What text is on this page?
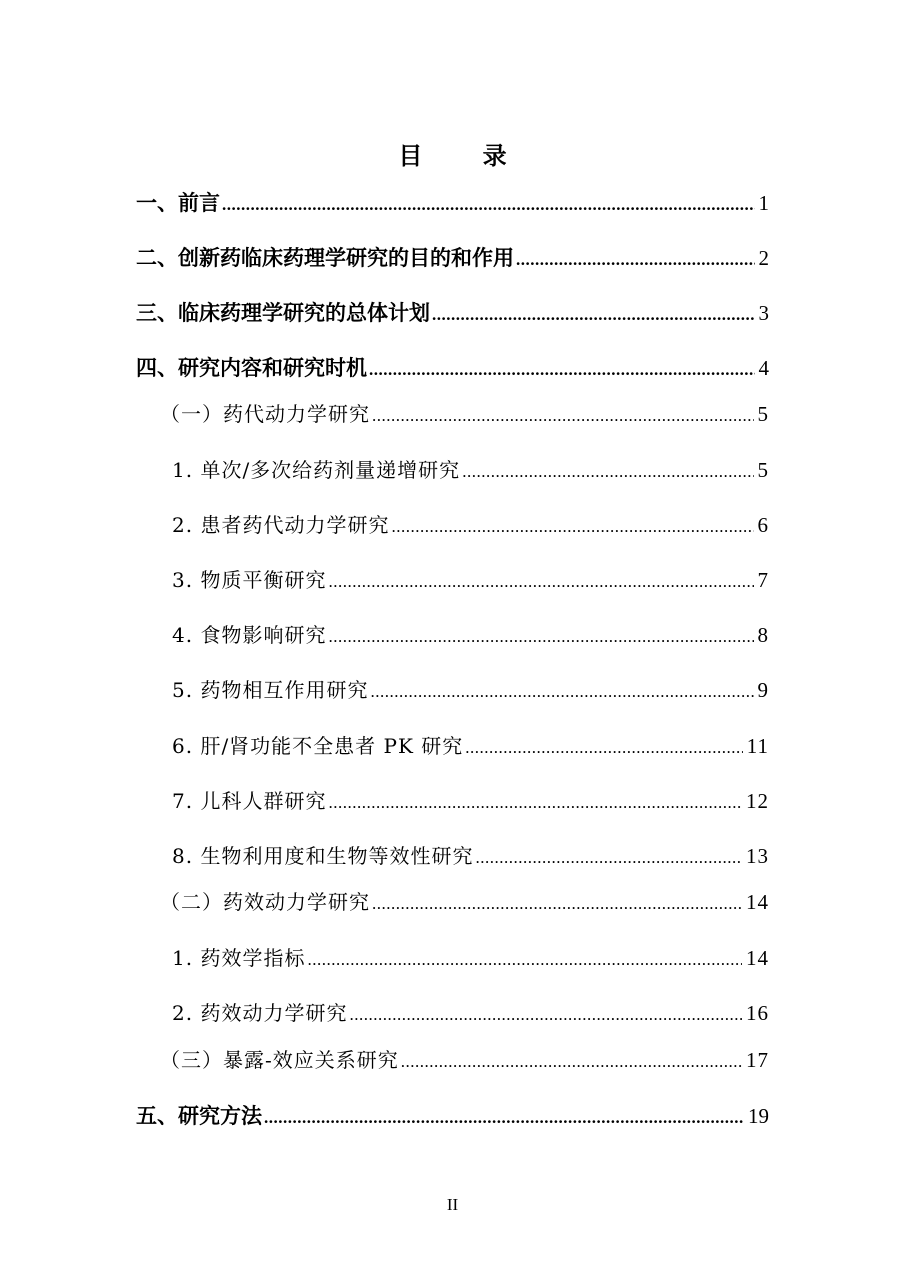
目 录
一、前言 .....	1
二、创新药临床药理学研究的目的和作用 .....	2
三、临床药理学研究的总体计划 .....	3
四、研究内容和研究时机 .....	4
（一）药代动力学研究 .....	5
1. 单次/多次给药剂量递增研究 .....	5
2. 患者药代动力学研究 .....	6
3. 物质平衡研究 .....	7
4. 食物影响研究 .....	8
5. 药物相互作用研究 .....	9
6. 肝/肾功能不全患者 PK 研究 .....	11
7. 儿科人群研究 .....	12
8. 生物利用度和生物等效性研究 .....	13
（二）药效动力学研究 .....	14
1. 药效学指标 .....	14
2. 药效动力学研究 .....	16
（三）暴露-效应关系研究 .....	17
五、研究方法 .....	19
II
